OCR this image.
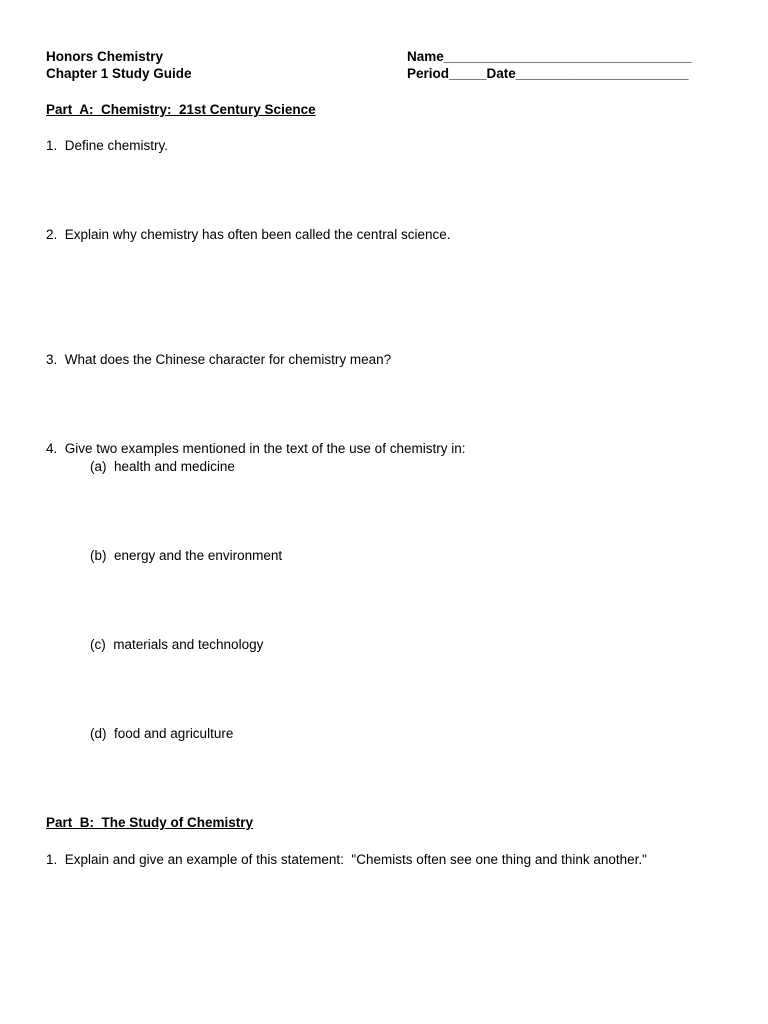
Honors Chemistry
Chapter 1 Study Guide
Name_________________________________
Period_____Date_______________________
Part  A:  Chemistry:  21st Century Science
1.  Define chemistry.
2.  Explain why chemistry has often been called the central science.
3.  What does the Chinese character for chemistry mean?
4.  Give two examples mentioned in the text of the use of chemistry in:
(a)  health and medicine
(b)  energy and the environment
(c)  materials and technology
(d)  food and agriculture
Part  B:  The Study of Chemistry
1.  Explain and give an example of this statement:  "Chemists often see one thing and think another."
